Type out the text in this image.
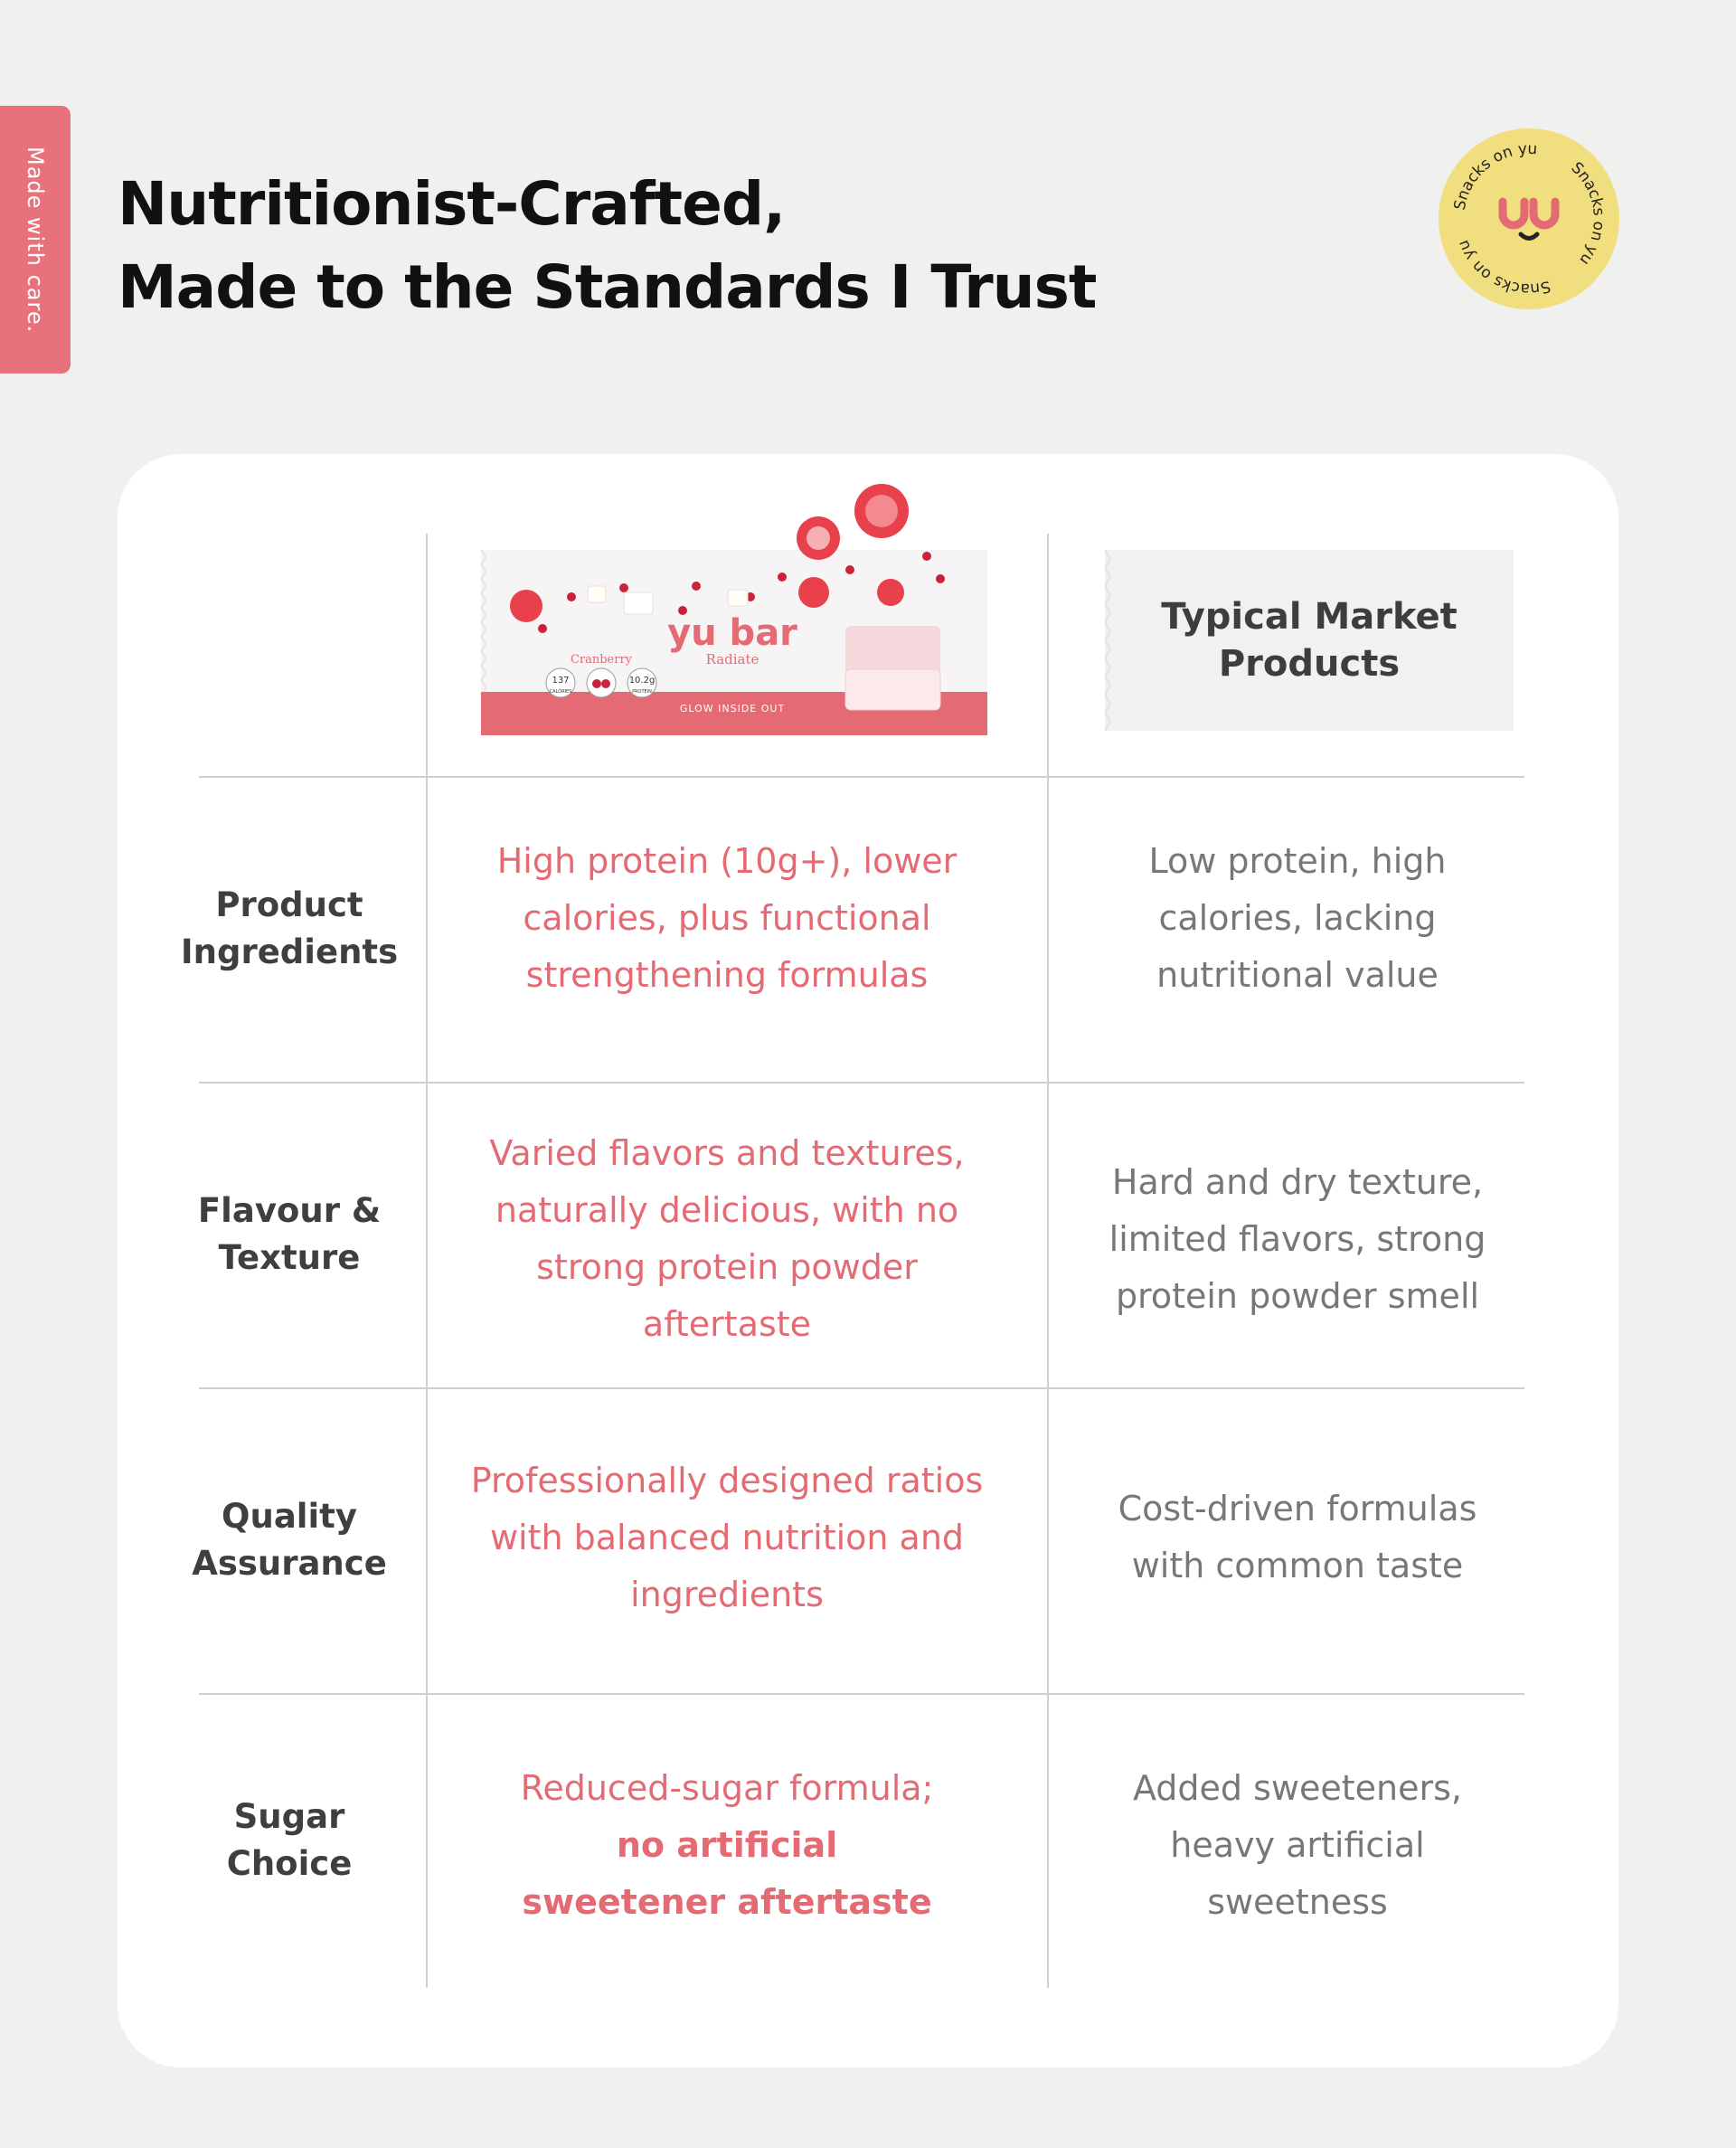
Made with care. Nutritionist-Crafted,
Made to the Standards I Trust
Snacks on yu
Snacks on yu
Snacks on yu
yu bar
Radiate
Cranberry
137
CALORIES
10.2g
PROTEIN
GLOW INSIDE OUT
Typical Market
Products
Product
Ingredients
High protein (10g+), lower calories, plus functional strengthening formulas
Low protein, high calories, lacking nutritional value
Flavour &
Texture
Varied flavors and textures, naturally delicious, with no strong protein powder aftertaste
Hard and dry texture, limited flavors, strong protein powder smell
Quality
Assurance
Professionally designed ratios with balanced nutrition and ingredients
Cost-driven formulas with common taste
Sugar
Choice
Reduced-sugar formula;
no artificial sweetener aftertaste
Added sweeteners, heavy artificial sweetness
